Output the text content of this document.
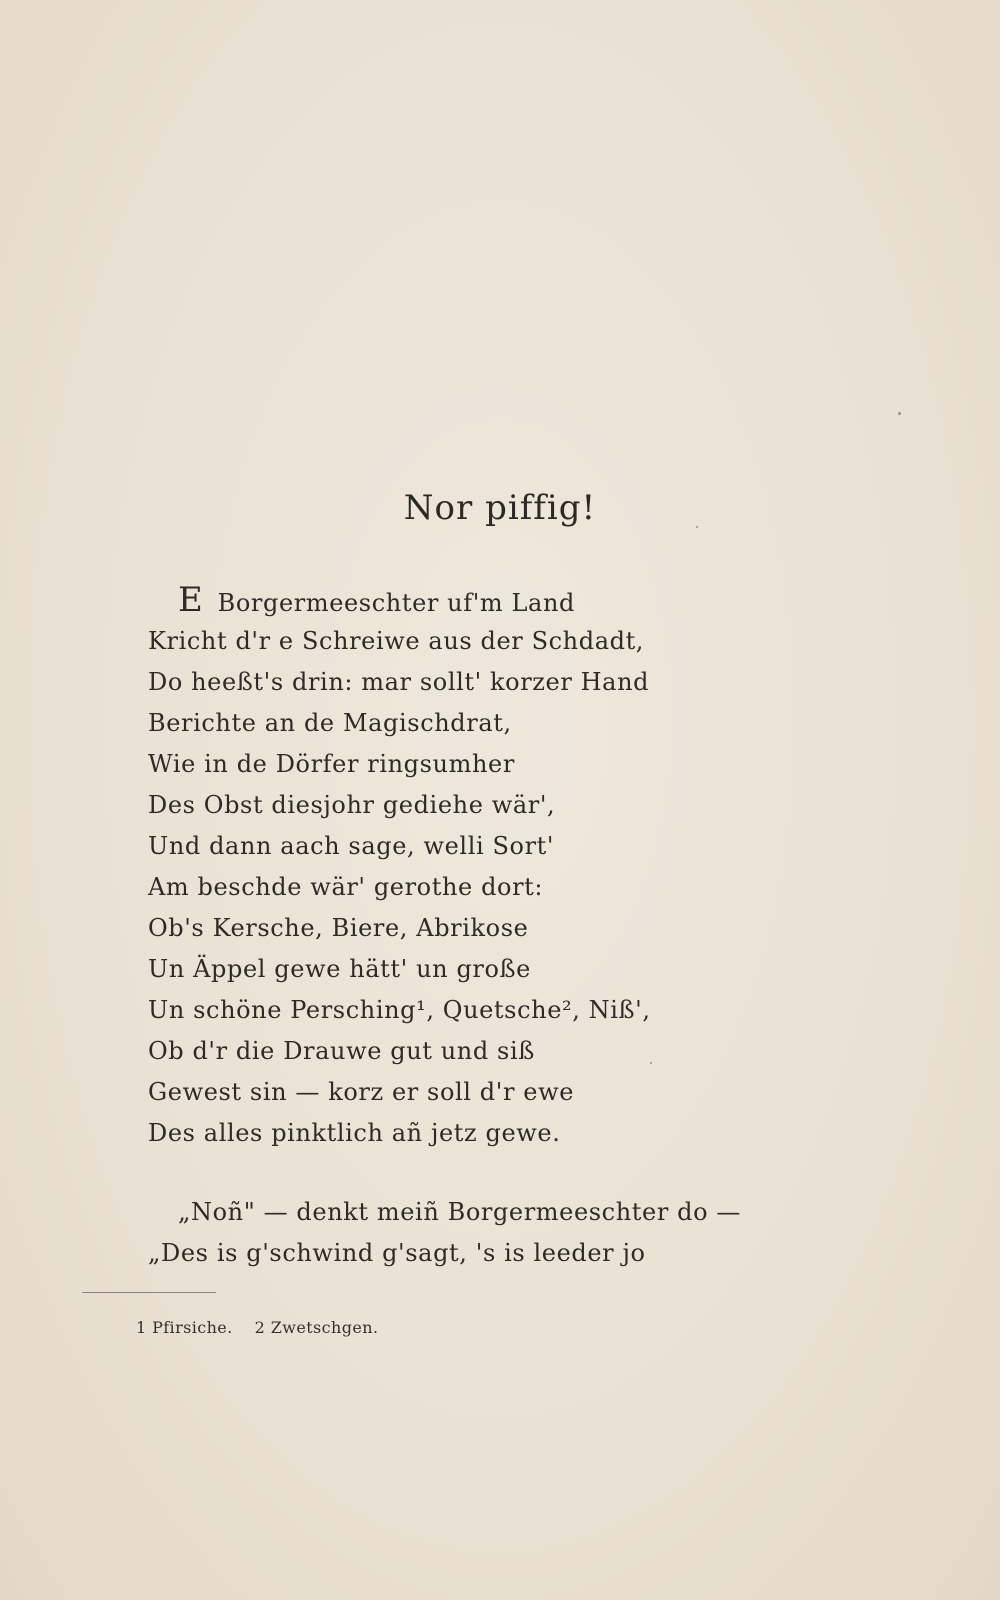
Nor piffig!
E Borgermeeschter uf'm Land
Kricht d'r e Schreiwe aus der Schdadt,
Do heeßt's drin: mar sollt' korzer Hand
Berichte an de Magischdrat,
Wie in de Dörfer ringsumher
Des Obst diesjohr gediehe wär',
Und dann aach sage, welli Sort'
Am beschde wär' gerothe dort:
Ob's Kersche, Biere, Abrikose
Un Äppel gewe hätt' un große
Un schöne Persching¹, Quetsche², Niß',
Ob d'r die Drauwe gut und siß
Gewest sin — korz er soll d'r ewe
Des alles pinktlich añ jetz gewe.
„Noñ" — denkt meiñ Borgermeeschter do —
„Des is g'schwind g'sagt, 's is leeder jo
1 Pfirsiche. 2 Zwetschgen.
